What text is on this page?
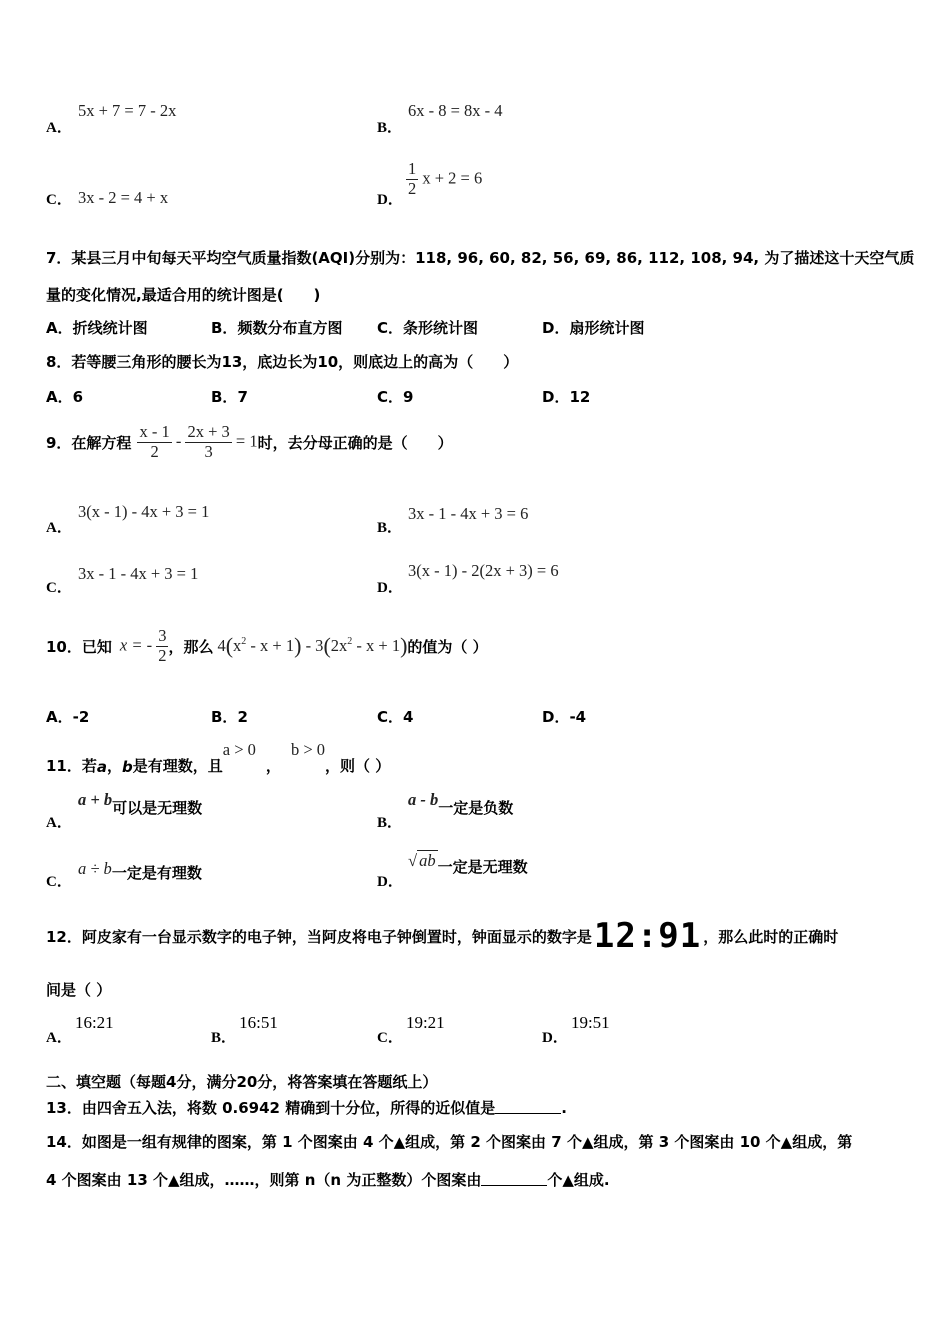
A．
5x + 7 = 7 - 2x
B．
6x - 8 = 8x - 4
C． 3x - 2 = 4 + x	D．
$\frac{1}{2}$ x + 2 = 6
7．某县三月中旬每天平均空气质量指数(AQI)分别为：118, 96, 60, 82, 56, 69, 86, 112, 108, 94, 为了描述这十天空气质
量的变化情况,最适合用的统计图是(　　)
A．折线统计图	B．频数分布直方图 C．条形统计图	D．扇形统计图
8．若等腰三角形的腰长为13，底边长为10，则底边上的高为（　　）
A．6	B．7	C．9	D．12
9．在解方程 $\frac{x - 1}{2} - \frac{2x + 3}{3} = 1$ 时，去分母正确的是（　　）
A．
3(x - 1) - 4x + 3 = 1
B．
3x - 1 - 4x + 3 = 6
C．
3x - 1 - 4x + 3 = 1
D．
3(x - 1) - 2(2x + 3) = 6
10．已知 x = - $\frac{3}{2}$ ，那么 $4(x^2 - x + 1) - 3(2x^2 - x + 1)$ 的值为（ ）
A．-2	B．2	C．4	D．-4
11．若 a ， b 是有理数，且
a > 0
，
b > 0
，则（ ）
A．
a + b 可以是无理数
B．
a - b 一定是负数
C．
a ÷ b 一定是有理数	D．
√ ab 一定是无理数
12．阿皮家有一台显示数字的电子钟，当阿皮将电子钟倒置时，钟面显示的数字是 12:91 ，那么此时的正确时
间是（ ）
A． 16:21
B． 16:51
C． 19:21
D． 19:51
二、填空题（每题4分，满分20分，将答案填在答题纸上）
13．由四舍五入法，将数 0.6942 精确到十分位，所得的近似值是	.
14．如图是一组有规律的图案，第 1 个图案由 4 个▲组成，第 2 个图案由 7 个▲组成，第 3 个图案由 10 个▲组成，第
4 个图案由 13 个▲组成，……，则第 n（n 为正整数）个图案由	个▲组成.
